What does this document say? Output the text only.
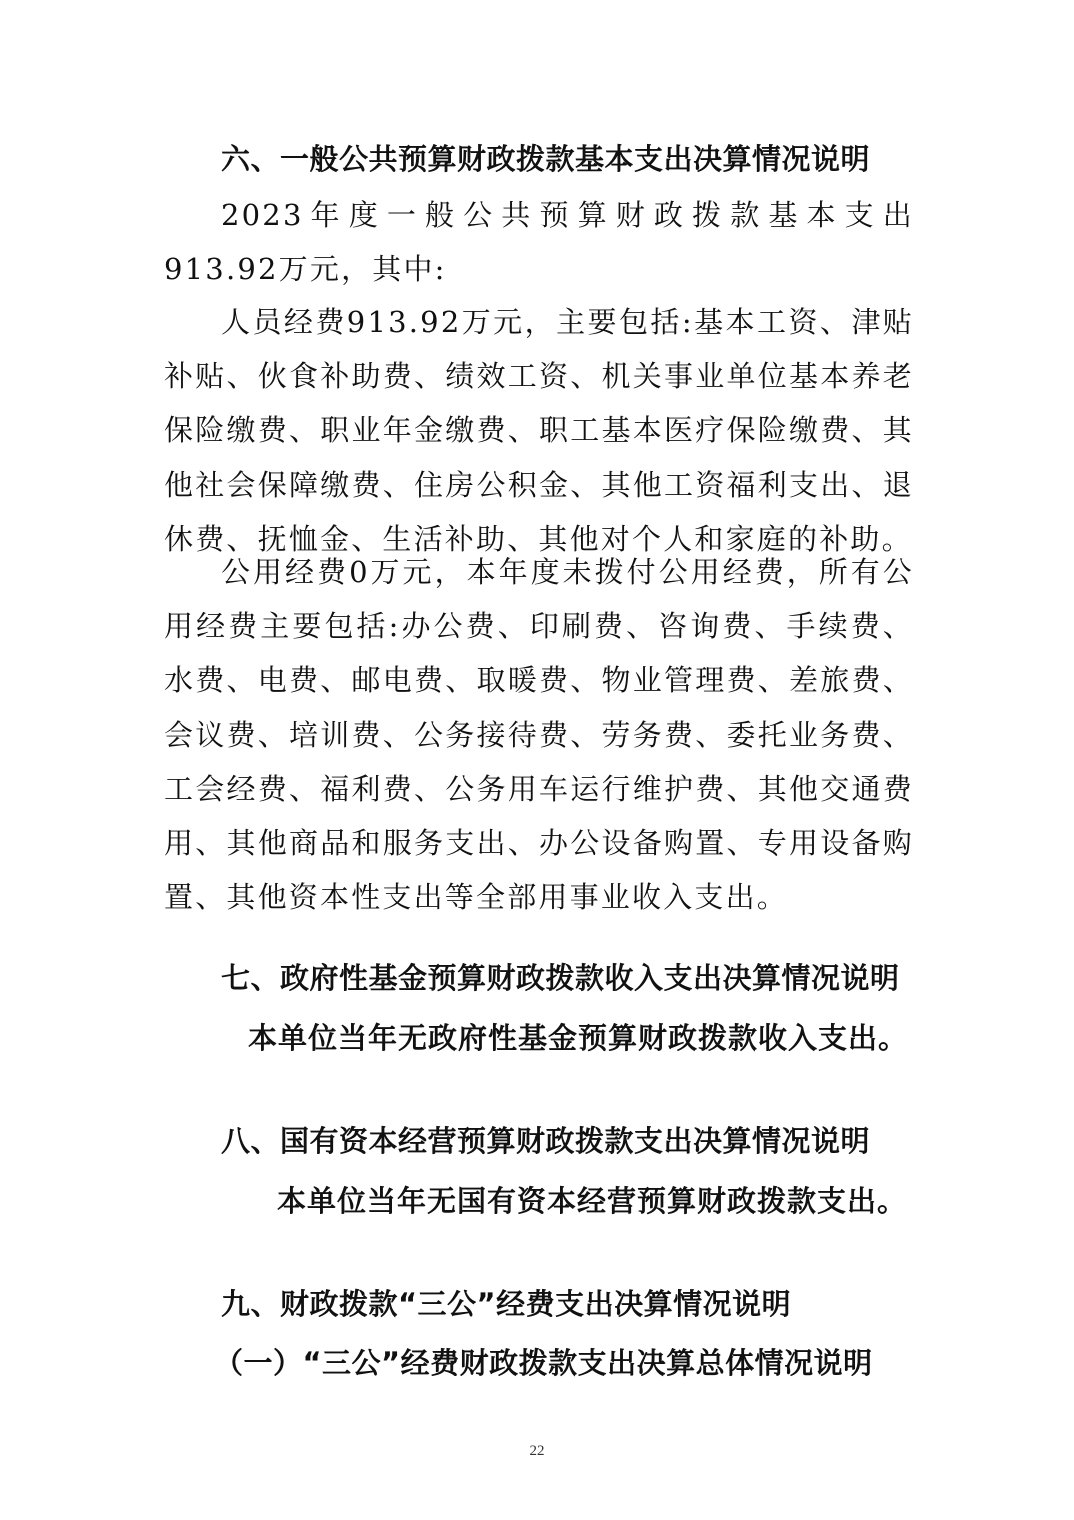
六、一般公共预算财政拨款基本支出决算情况说明

2023年度一般公共预算财政拨款基本支出913.92万元，其中:

人员经费913.92万元，主要包括:基本工资、津贴补贴、伙食补助费、绩效工资、机关事业单位基本养老保险缴费、职业年金缴费、职工基本医疗保险缴费、其他社会保障缴费、住房公积金、其他工资福利支出、退休费、抚恤金、生活补助、其他对个人和家庭的补助。

公用经费0万元，本年度未拨付公用经费，所有公用经费主要包括:办公费、印刷费、咨询费、手续费、水费、电费、邮电费、取暖费、物业管理费、差旅费、会议费、培训费、公务接待费、劳务费、委托业务费、工会经费、福利费、公务用车运行维护费、其他交通费用、其他商品和服务支出、办公设备购置、专用设备购置、其他资本性支出等全部用事业收入支出。

七、政府性基金预算财政拨款收入支出决算情况说明
本单位当年无政府性基金预算财政拨款收入支出。
八、国有资本经营预算财政拨款支出决算情况说明
本单位当年无国有资本经营预算财政拨款支出。
九、财政拨款“三公”经费支出决算情况说明
（一）“三公”经费财政拨款支出决算总体情况说明
22
